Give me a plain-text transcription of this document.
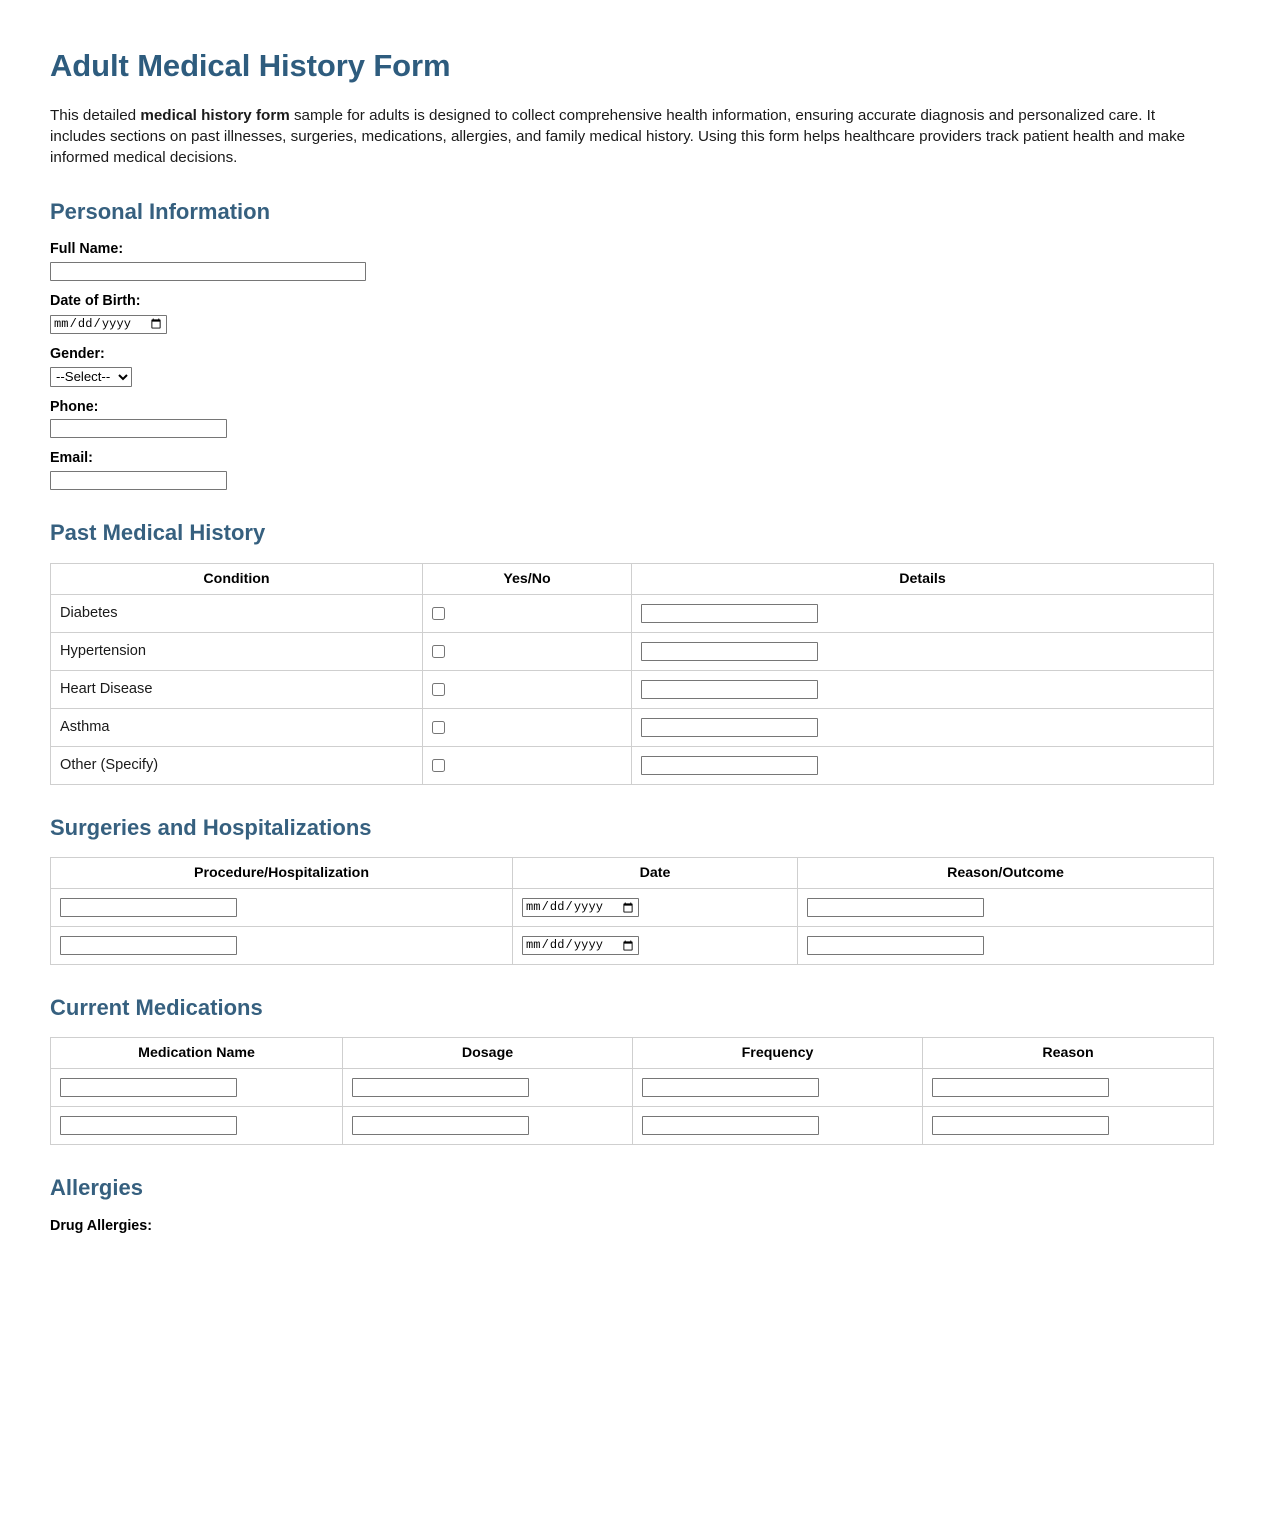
Adult Medical History Form

This detailed medical history form sample for adults is designed to collect comprehensive health information, ensuring accurate diagnosis and personalized care. It includes sections on past illnesses, surgeries, medications, allergies, and family medical history. Using this form helps healthcare providers track patient health and make informed medical decisions.

Personal Information
Full Name:
Date of Birth:
Gender:
--Select--
Phone:
Email:
Past Medical History
Condition	Yes/No	Details
Diabetes		
Hypertension		
Heart Disease		
Asthma		
Other (Specify)		
Surgeries and Hospitalizations
Procedure/Hospitalization	Date	Reason/Outcome

Current Medications
Medication Name	Dosage	Frequency	Reason

Allergies
Drug Allergies:
